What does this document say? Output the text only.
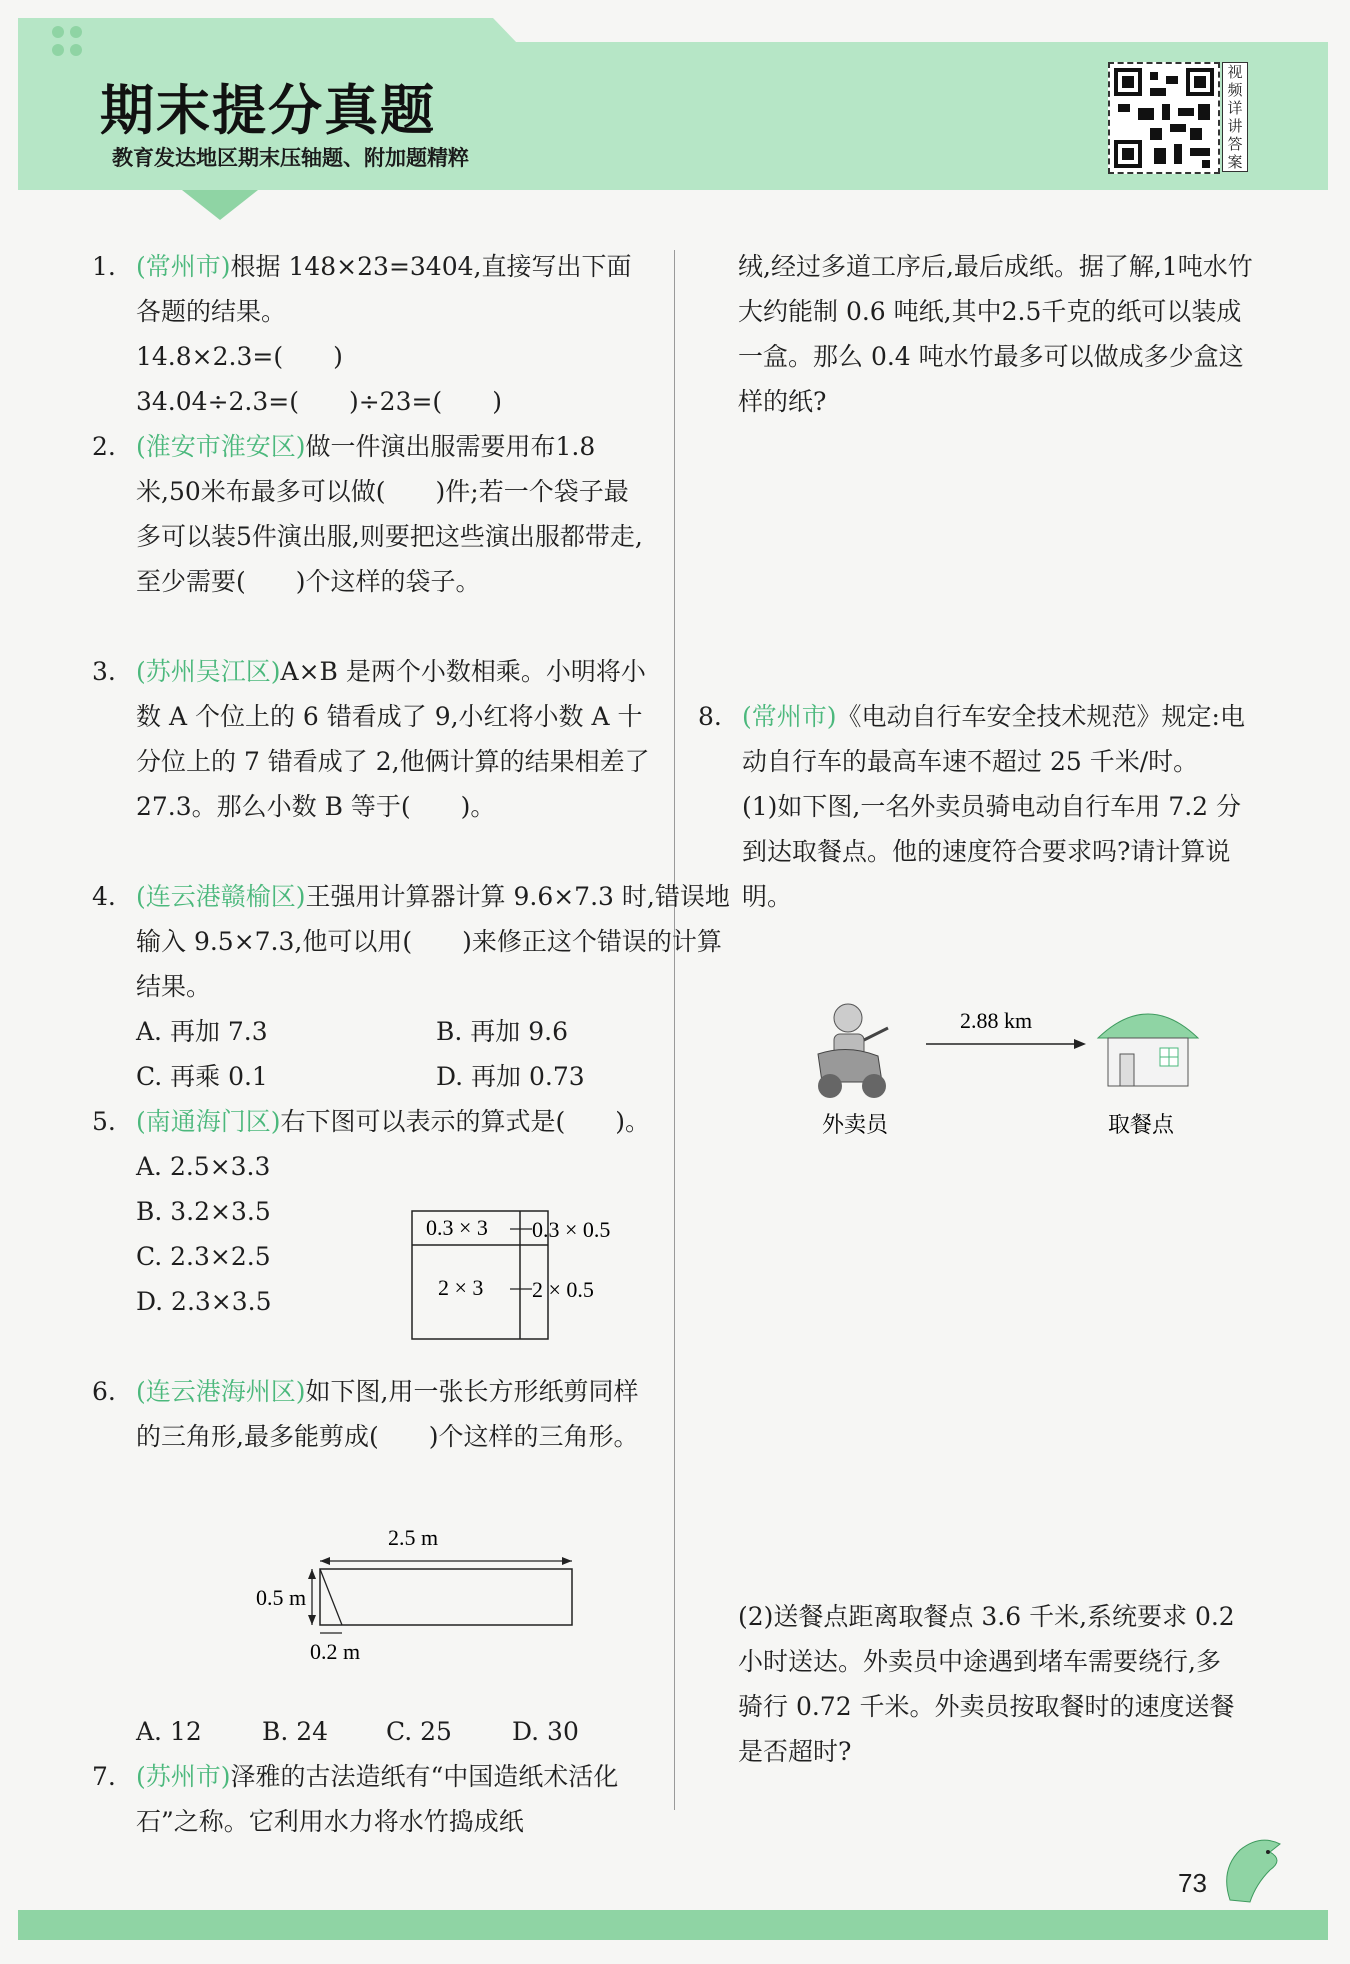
期末提分真题
教育发达地区期末压轴题、附加题精粹
视频详讲答案
1. (常州市)根据 148×23=3404,直接写出下面各题的结果。
14.8×2.3=(　　)
34.04÷2.3=(　　)÷23=(　　)
2. (淮安市淮安区)做一件演出服需要用布1.8米,50米布最多可以做(　　)件;若一个袋子最多可以装5件演出服,则要把这些演出服都带走,至少需要(　　)个这样的袋子。
3. (苏州吴江区)A×B 是两个小数相乘。小明将小数 A 个位上的 6 错看成了 9,小红将小数 A 十分位上的 7 错看成了 2,他俩计算的结果相差了 27.3。那么小数 B 等于(　　)。
4. (连云港赣榆区)王强用计算器计算 9.6×7.3 时,错误地输入 9.5×7.3,他可以用(　　)来修正这个错误的计算结果。
A. 再加 7.3	B. 再加 9.6
C. 再乘 0.1	D. 再加 0.73
5. (南通海门区)右下图可以表示的算式是(　　)。
A. 2.5×3.3
B. 3.2×3.5
C. 2.3×2.5
D. 2.3×3.5
0.3 × 3
2 × 3
0.3 × 0.5
2 × 0.5
6. (连云港海州区)如下图,用一张长方形纸剪同样的三角形,最多能剪成(　　)个这样的三角形。
2.5 m
0.5 m
0.2 m
A. 12	B. 24	C. 25	D. 30
7. (苏州市)泽雅的古法造纸有“中国造纸术活化石”之称。它利用水力将水竹捣成纸
绒,经过多道工序后,最后成纸。据了解,1吨水竹大约能制 0.6 吨纸,其中2.5千克的纸可以装成一盒。那么 0.4 吨水竹最多可以做成多少盒这样的纸?
8. (常州市)《电动自行车安全技术规范》规定:电动自行车的最高车速不超过 25 千米/时。
(1)如下图,一名外卖员骑电动自行车用 7.2 分到达取餐点。他的速度符合要求吗?请计算说明。
2.88 km
外卖员	取餐点
(2)送餐点距离取餐点 3.6 千米,系统要求 0.2 小时送达。外卖员中途遇到堵车需要绕行,多骑行 0.72 千米。外卖员按取餐时的速度送餐是否超时?
73
